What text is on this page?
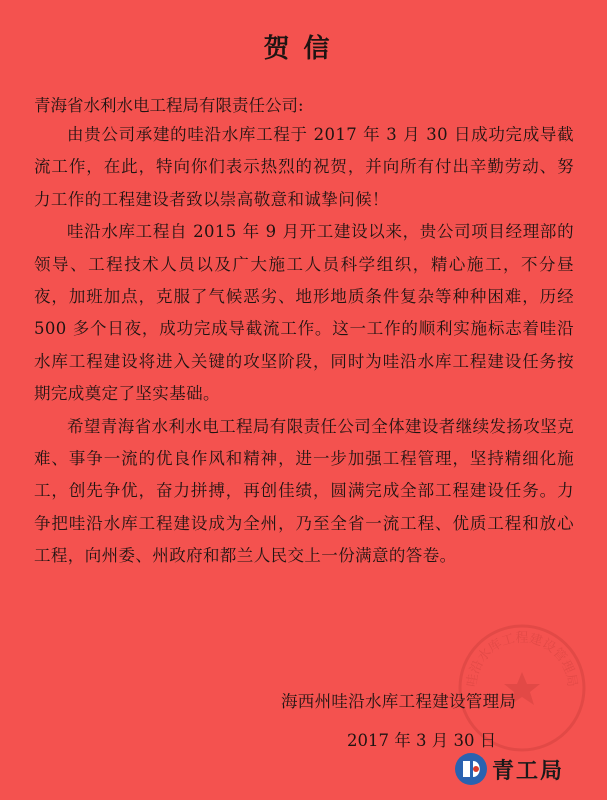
贺信
青海省水利水电工程局有限责任公司:

由贵公司承建的哇沿水库工程于 2017 年 3 月 30 日成功完成导截流工作，在此，特向你们表示热烈的祝贺，并向所有付出辛勤劳动、努力工作的工程建设者致以崇高敬意和诚挚问候！

哇沿水库工程自 2015 年 9 月开工建设以来，贵公司项目经理部的领导、工程技术人员以及广大施工人员科学组织，精心施工，不分昼夜，加班加点，克服了气候恶劣、地形地质条件复杂等种种困难，历经 500 多个日夜，成功完成导截流工作。这一工作的顺利实施标志着哇沿水库工程建设将进入关键的攻坚阶段，同时为哇沿水库工程建设任务按期完成奠定了坚实基础。

希望青海省水利水电工程局有限责任公司全体建设者继续发扬攻坚克难、事争一流的优良作风和精神，进一步加强工程管理，坚持精细化施工，创先争优，奋力拼搏，再创佳绩，圆满完成全部工程建设任务。力争把哇沿水库工程建设成为全州，乃至全省一流工程、优质工程和放心工程，向州委、州政府和都兰人民交上一份满意的答卷。

哇沿水库工程建设管理局
海西州哇沿水库工程建设管理局
2017 年 3 月 30 日
青工局
